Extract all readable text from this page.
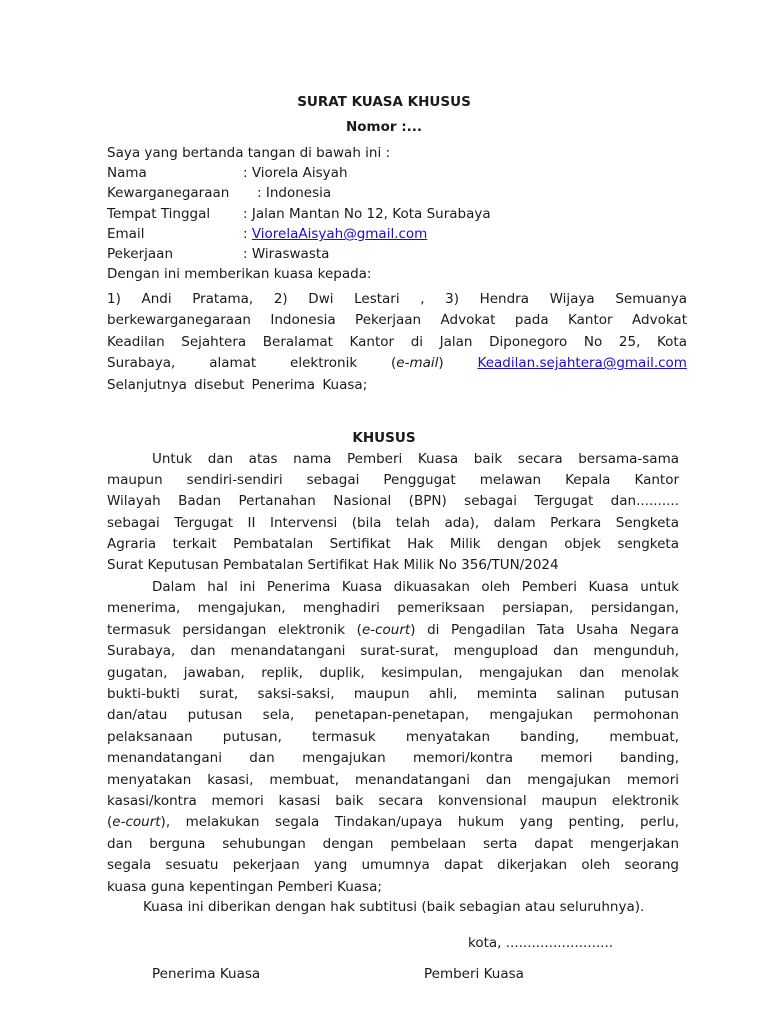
SURAT KUASA KHUSUS
Nomor :...
Saya yang bertanda tangan di bawah ini :
Nama	: Viorela Aisyah
Kewarganegaraan : Indonesia
Tempat Tinggal : Jalan Mantan No 12, Kota Surabaya
Email	: ViorelaAisyah@gmail.com
Pekerjaan	: Wiraswasta
Dengan ini memberikan kuasa kepada:
1) Andi Pratama, 2) Dwi Lestari , 3) Hendra Wijaya Semuanya
berkewarganegaraan Indonesia Pekerjaan Advokat pada Kantor Advokat
Keadilan Sejahtera Beralamat Kantor di Jalan Diponegoro No 25, Kota
Surabaya,	alamat	elektronik	(e-mail)	Keadilan.sejahtera@gmail.com
Selanjutnya disebut Penerima Kuasa;
KHUSUS
Untuk dan atas nama Pemberi Kuasa baik secara bersama-sama
maupun sendiri-sendiri sebagai Penggugat melawan Kepala Kantor
Wilayah Badan Pertanahan Nasional (BPN) sebagai Tergugat dan..........
sebagai Tergugat II Intervensi (bila telah ada), dalam Perkara Sengketa
Agraria terkait Pembatalan Sertifikat Hak Milik dengan objek sengketa
Surat Keputusan Pembatalan Sertifikat Hak Milik No 356/TUN/2024
Dalam hal ini Penerima Kuasa dikuasakan oleh Pemberi Kuasa untuk
menerima, mengajukan, menghadiri pemeriksaan persiapan, persidangan,
termasuk persidangan elektronik (e-court) di Pengadilan Tata Usaha Negara
Surabaya, dan menandatangani surat-surat, mengupload dan mengunduh,
gugatan, jawaban, replik, duplik, kesimpulan, mengajukan dan menolak
bukti-bukti surat, saksi-saksi, maupun ahli, meminta salinan putusan
dan/atau putusan sela, penetapan-penetapan, mengajukan permohonan
pelaksanaan putusan, termasuk menyatakan banding, membuat,
menandatangani dan mengajukan memori/kontra memori banding,
menyatakan kasasi, membuat, menandatangani dan mengajukan memori
kasasi/kontra memori kasasi baik secara konvensional maupun elektronik
(e-court), melakukan segala Tindakan/upaya hukum yang penting, perlu,
dan berguna sehubungan dengan pembelaan serta dapat mengerjakan
segala sesuatu pekerjaan yang umumnya dapat dikerjakan oleh seorang
kuasa guna kepentingan Pemberi Kuasa;
Kuasa ini diberikan dengan hak subtitusi (baik sebagian atau seluruhnya).
kota, .........................
Penerima Kuasa	Pemberi Kuasa
